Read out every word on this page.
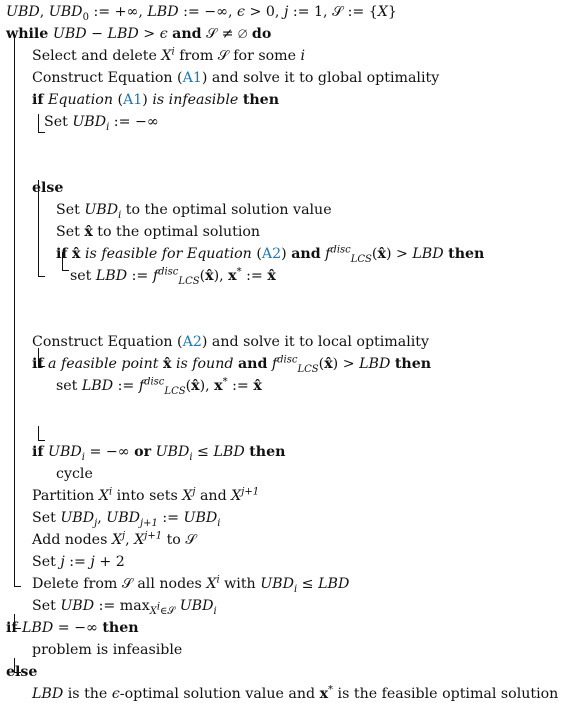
UBD, $UBD_0$ := +∞, LBD := −∞, ϵ > 0, j := 1, 𝒮 := {X}
while UBD − LBD > ϵ and 𝒮 ≠ ∅ do
Select and delete $X^i$ from 𝒮 for some i
Construct Equation (A1) and solve it to global optimality
if Equation (A1) is infeasible then
Set $UBD_i$ := −∞
else
Set $UBD_i$ to the optimal solution value
Set x̂ to the optimal solution
if x̂ is feasible for Equation (A2) and $f^{disc}_{LCS}(x̂)$ > LBD then
set LBD := $f^{disc}_{LCS}(x̂)$, x* := x̂
Construct Equation (A2) and solve it to local optimality
if a feasible point x̂ is found and $f^{disc}_{LCS}(x̂)$ > LBD then
set LBD := $f^{disc}_{LCS}(x̂)$, x* := x̂
if $UBD_i$ = −∞ or $UBD_i$ ≤ LBD then
cycle
Partition $X^i$ into sets $X^j$ and $X^{j+1}$
Set $UBD_j$, $UBD_{j+1}$ := $UBD_i$
Add nodes $X^j$, $X^{j+1}$ to 𝒮
Set j := j + 2
Delete from 𝒮 all nodes $X^i$ with $UBD_i$ ≤ LBD
Set UBD := $\max_{X^i\in 𝒮} UBD_i$
if LBD = −∞ then
problem is infeasible
else
LBD is the ϵ-optimal solution value and x* is the feasible optimal solution
